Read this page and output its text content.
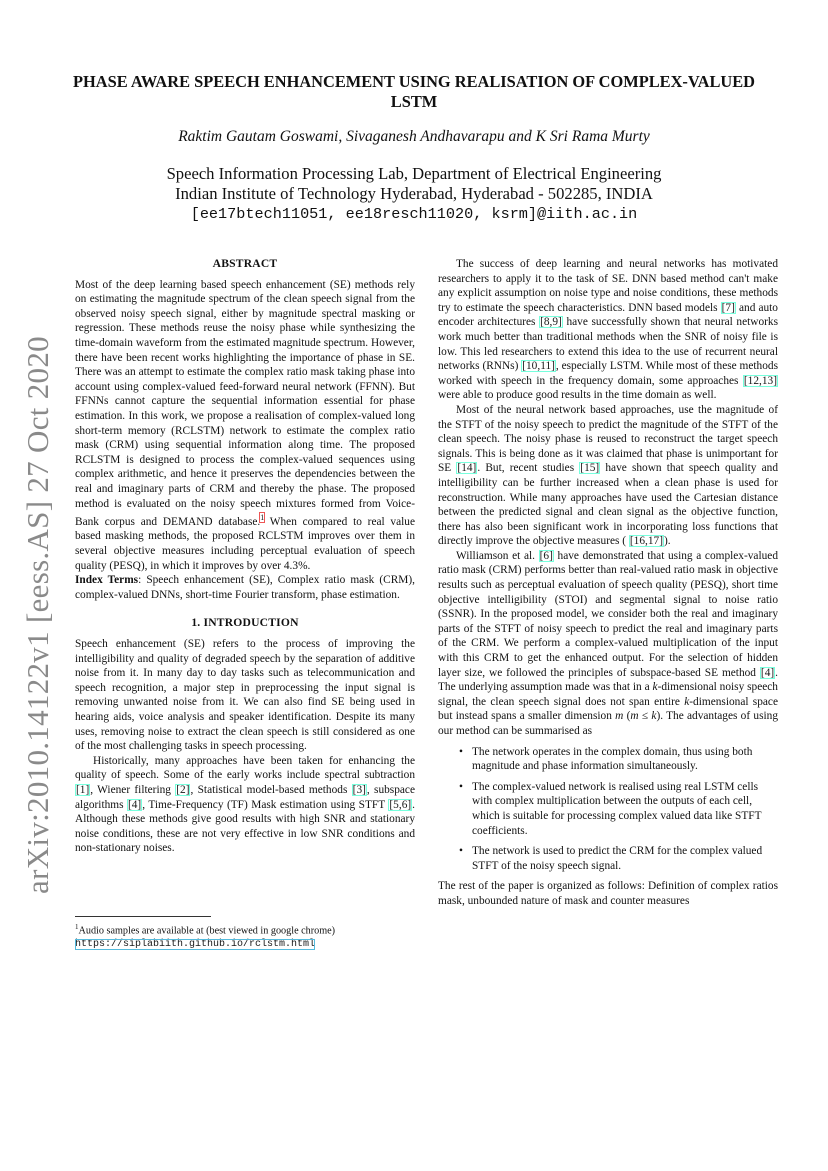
arXiv:2010.14122v1 [eess.AS] 27 Oct 2020
PHASE AWARE SPEECH ENHANCEMENT USING REALISATION OF COMPLEX-VALUED LSTM
Raktim Gautam Goswami, Sivaganesh Andhavarapu and K Sri Rama Murty
Speech Information Processing Lab, Department of Electrical Engineering
Indian Institute of Technology Hyderabad, Hyderabad - 502285, INDIA
[ee17btech11051, ee18resch11020, ksrm]@iith.ac.in
ABSTRACT

Most of the deep learning based speech enhancement (SE) methods rely on estimating the magnitude spectrum of the clean speech signal from the observed noisy speech signal, either by magnitude spectral masking or regression. These methods reuse the noisy phase while synthesizing the time-domain waveform from the estimated magnitude spectrum. However, there have been recent works highlighting the importance of phase in SE. There was an attempt to estimate the complex ratio mask taking phase into account using complex-valued feed-forward neural network (FFNN). But FFNNs cannot capture the sequential information essential for phase estimation. In this work, we propose a realisation of complex-valued long short-term memory (RCLSTM) network to estimate the complex ratio mask (CRM) using sequential information along time. The proposed RCLSTM is designed to process the complex-valued sequences using complex arithmetic, and hence it preserves the dependencies between the real and imaginary parts of CRM and thereby the phase. The proposed method is evaluated on the noisy speech mixtures formed from Voice-Bank corpus and DEMAND database.$^1$ When compared to real value based masking methods, the proposed RCLSTM improves over them in several objective measures including perceptual evaluation of speech quality (PESQ), in which it improves by over 4.3%.

Index Terms: Speech enhancement (SE), Complex ratio mask (CRM), complex-valued DNNs, short-time Fourier transform, phase estimation.

1. INTRODUCTION

Speech enhancement (SE) refers to the process of improving the intelligibility and quality of degraded speech by the separation of additive noise from it. In many day to day tasks such as telecommunication and speech recognition, a major step in preprocessing the input signal is removing unwanted noise from it. We can also find SE being used in hearing aids, voice analysis and speaker identification. Despite its many uses, removing noise to extract the clean speech is still considered as one of the most challenging tasks in speech processing.

Historically, many approaches have been taken for enhancing the quality of speech. Some of the early works include spectral subtraction [1], Wiener filtering [2], Statistical model-based methods [3], subspace algorithms [4], Time-Frequency (TF) Mask estimation using STFT [5,6]. Although these methods give good results with high SNR and stationary noise conditions, these are not very effective in low SNR conditions and non-stationary noises.

$^1$Audio samples are available at (best viewed in google chrome) https://siplabiith.github.io/rclstm.html

The success of deep learning and neural networks has motivated researchers to apply it to the task of SE. DNN based method can't make any explicit assumption on noise type and noise conditions, these methods try to estimate the speech characteristics. DNN based models [7] and auto encoder architectures [8,9] have successfully shown that neural networks work much better than traditional methods when the SNR of noisy file is low. This led researchers to extend this idea to the use of recurrent neural networks (RNNs) [10,11], especially LSTM. While most of these methods worked with speech in the frequency domain, some approaches [12,13] were able to produce good results in the time domain as well.

Most of the neural network based approaches, use the magnitude of the STFT of the noisy speech to predict the magnitude of the STFT of the clean speech. The noisy phase is reused to reconstruct the target speech signals. This is being done as it was claimed that phase is unimportant for SE [14]. But, recent studies [15] have shown that speech quality and intelligibility can be further increased when a clean phase is used for reconstruction. While many approaches have used the Cartesian distance between the predicted signal and clean signal as the objective function, there has also been significant work in incorporating loss functions that directly improve the objective measures ( [16,17]).

Williamson et al. [6] have demonstrated that using a complex-valued ratio mask (CRM) performs better than real-valued ratio mask in objective results such as perceptual evaluation of speech quality (PESQ), short time objective intelligibility (STOI) and segmental signal to noise ratio (SSNR). In the proposed model, we consider both the real and imaginary parts of the STFT of noisy speech to predict the real and imaginary parts of the CRM. We perform a complex-valued multiplication of the input with this CRM to get the enhanced output. For the selection of hidden layer size, we followed the principles of subspace-based SE method [4]. The underlying assumption made was that in a k-dimensional noisy speech signal, the clean speech signal does not span entire k-dimensional space but instead spans a smaller dimension m (m ≤ k). The advantages of using our method can be summarised as

• The network operates in the complex domain, thus using both magnitude and phase information simultaneously.
• The complex-valued network is realised using real LSTM cells with complex multiplication between the outputs of each cell, which is suitable for processing complex valued data like STFT coefficients.
• The network is used to predict the CRM for the complex valued STFT of the noisy speech signal.

The rest of the paper is organized as follows: Definition of complex ratios mask, unbounded nature of mask and counter measures
